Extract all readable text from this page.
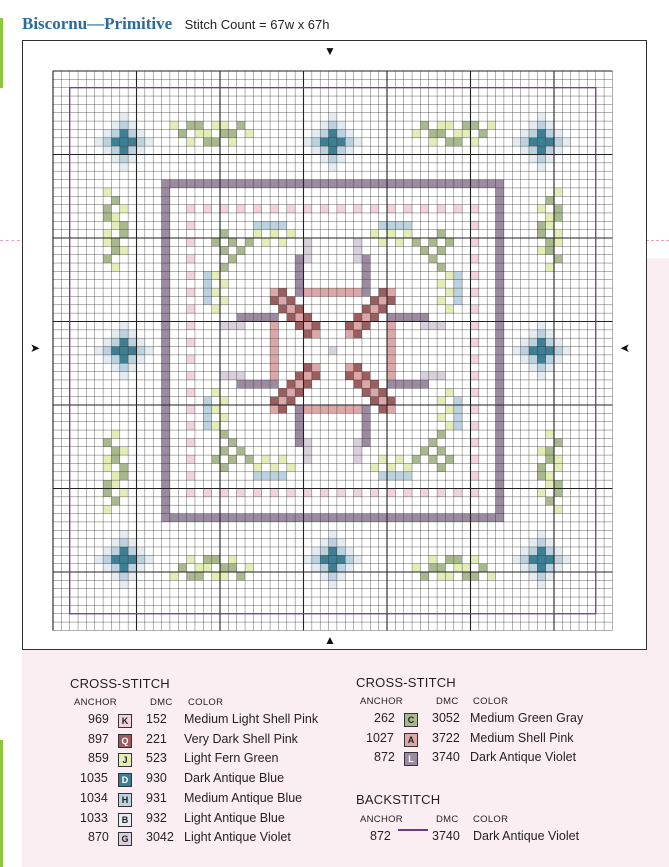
Biscornu—Primitive Stitch Count = 67w x 67h
▼
▲
➤	➤
CROSS-STITCH
ANCHOR	DMC COLOR
969	K	152 Medium Light Shell Pink
897	Q 221 Very Dark Shell Pink
859	J	523 Light Fern Green
1035	D	930 Dark Antique Blue
1034	H	931 Medium Antique Blue
1033	B	932 Light Antique Blue
870	G 3042 Light Antique Violet
CROSS-STITCH
ANCHOR	DMC COLOR
262	C	3052 Medium Green Gray
1027	A	3722 Medium Shell Pink
872	L	3740 Dark Antique Violet
BACKSTITCH
ANCHOR	DMC COLOR
872	3740 Dark Antique Violet
